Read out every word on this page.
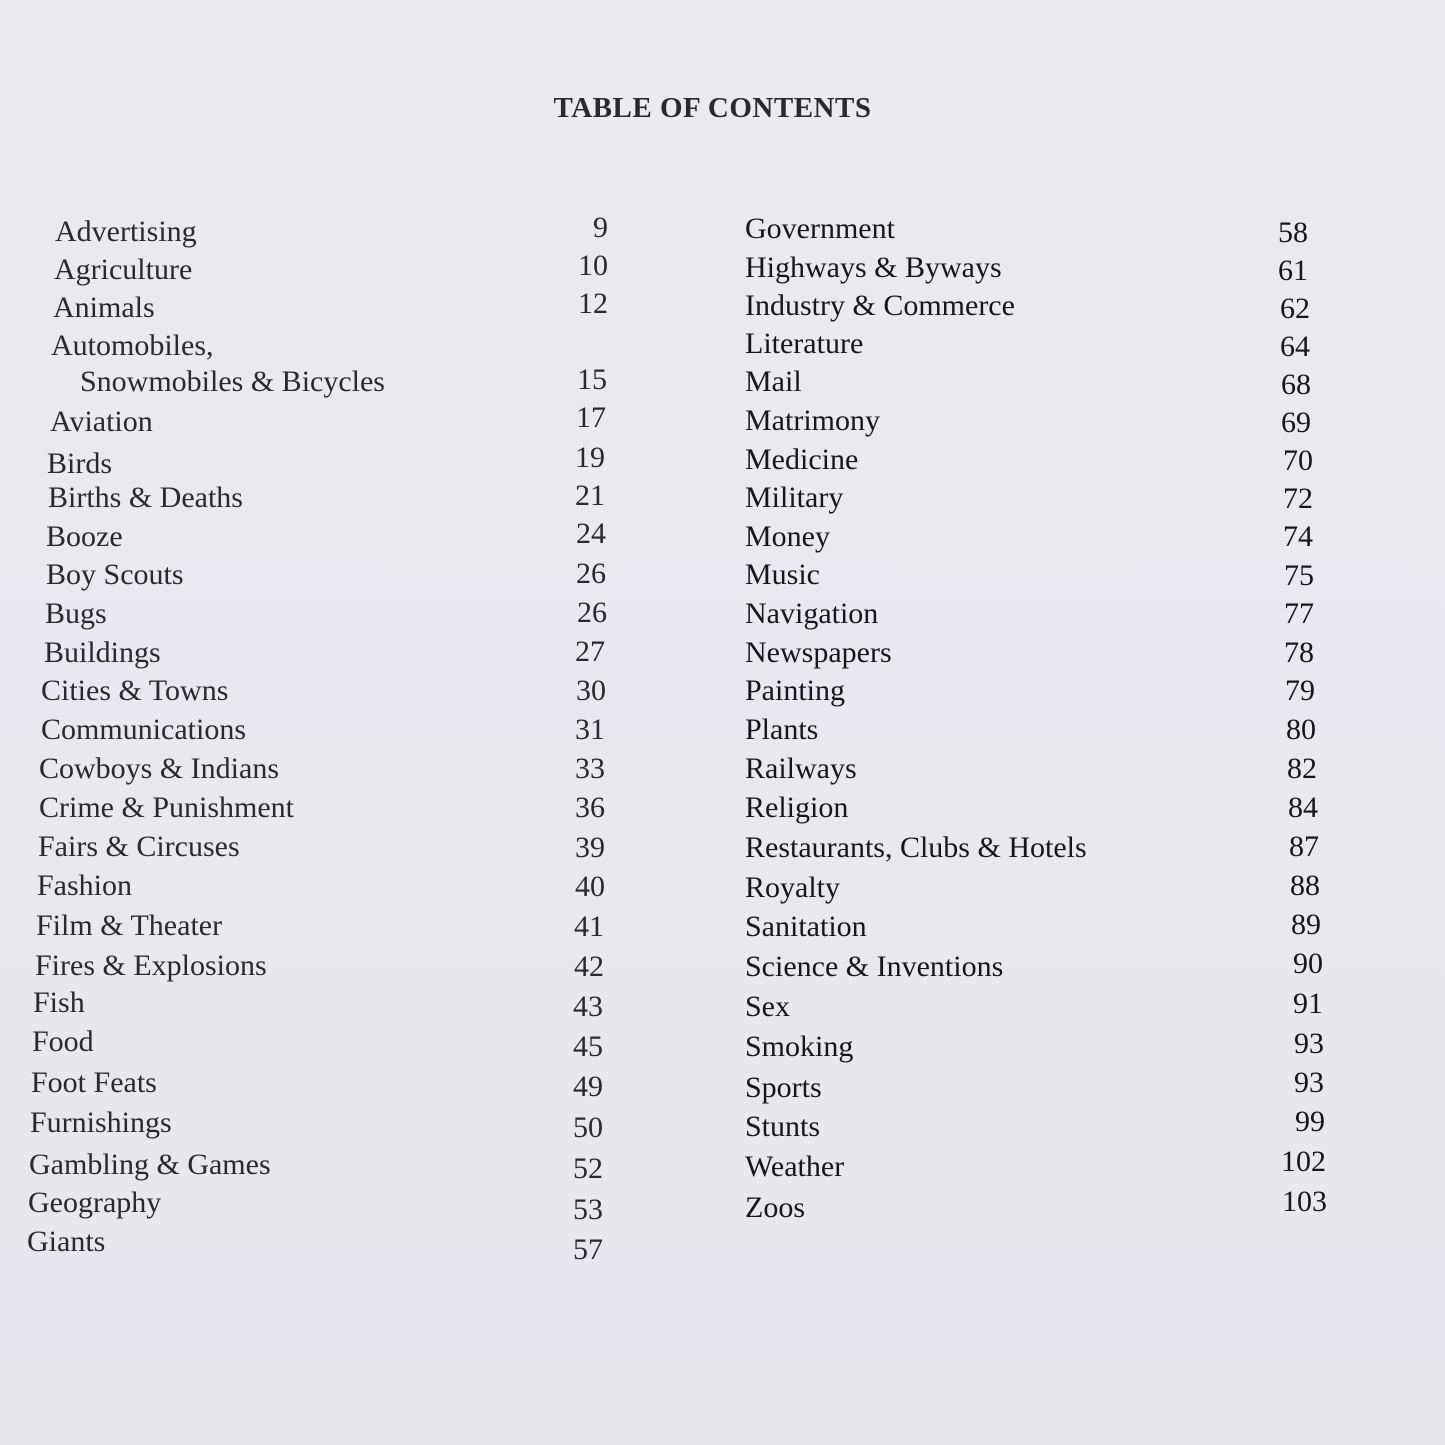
TABLE OF CONTENTS
Advertising	9
Agriculture	10
Animals	12
Automobiles,
Snowmobiles & Bicycles	15
Aviation	17
Birds	19
Births & Deaths	21
Booze	24
Boy Scouts	26
Bugs	26
Buildings	27
Cities & Towns	30
Communications	31
Cowboys & Indians	33
Crime & Punishment	36
Fairs & Circuses	39
Fashion	40
Film & Theater	41
Fires & Explosions	42
Fish	43
Food	45
Foot Feats	49
Furnishings	50
Gambling & Games	52
Geography	53
Giants	57
Government	58
Highways & Byways	61
Industry & Commerce	62
Literature	64
Mail	68
Matrimony	69
Medicine	70
Military	72
Money	74
Music	75
Navigation	77
Newspapers	78
Painting	79
Plants	80
Railways	82
Religion	84
Restaurants, Clubs & Hotels	87
Royalty	88
Sanitation	89
Science & Inventions	90
Sex	91
Smoking	93
Sports	93
Stunts	99
Weather	102
Zoos	103
